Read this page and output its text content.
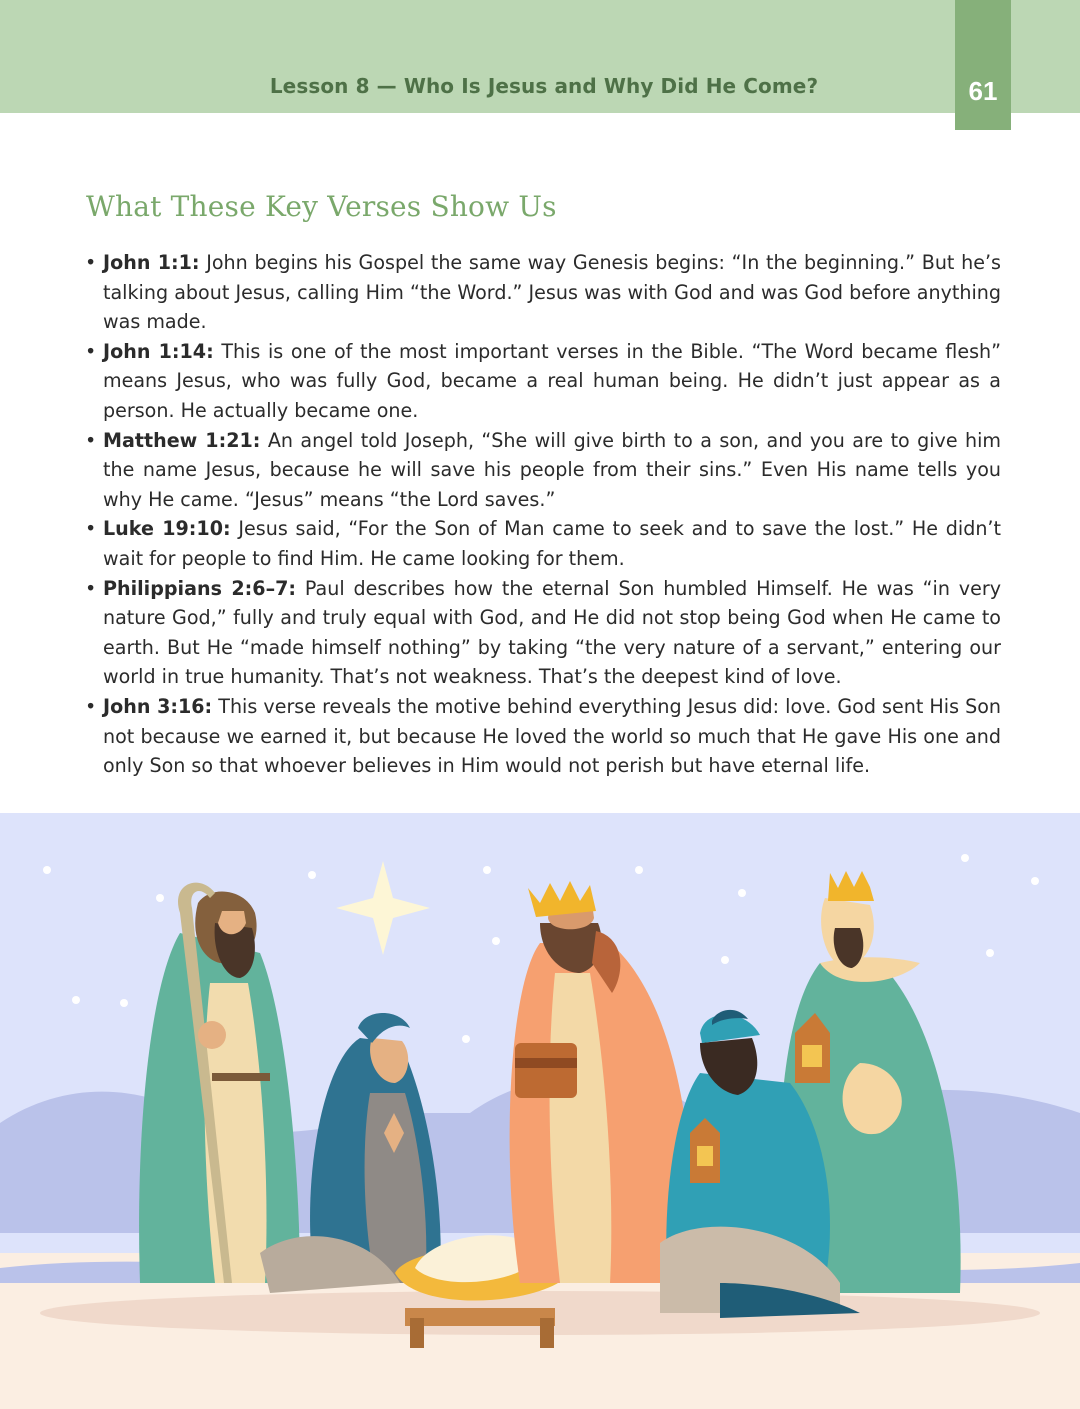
Lesson 8 — Who Is Jesus and Why Did He Come?	61
What These Key Verses Show Us
• John 1:1: John begins his Gospel the same way Genesis begins: “In the beginning.” But he’s talking about Jesus, calling Him “the Word.” Jesus was with God and was God before anything was made.
• John 1:14: This is one of the most important verses in the Bible. “The Word became flesh” means Jesus, who was fully God, became a real human being. He didn’t just appear as a person. He actually became one.
• Matthew 1:21: An angel told Joseph, “She will give birth to a son, and you are to give him the name Jesus, because he will save his people from their sins.” Even His name tells you why He came. “Jesus” means “the Lord saves.”
• Luke 19:10: Jesus said, “For the Son of Man came to seek and to save the lost.” He didn’t wait for people to find Him. He came looking for them.
• Philippians 2:6–7: Paul describes how the eternal Son humbled Himself. He was “in very nature God,” fully and truly equal with God, and He did not stop being God when He came to earth. But He “made himself nothing” by taking “the very nature of a servant,” entering our world in true humanity. That’s not weakness. That’s the deepest kind of love.
• John 3:16: This verse reveals the motive behind everything Jesus did: love. God sent His Son not because we earned it, but because He loved the world so much that He gave His one and only Son so that whoever believes in Him would not perish but have eternal life.
